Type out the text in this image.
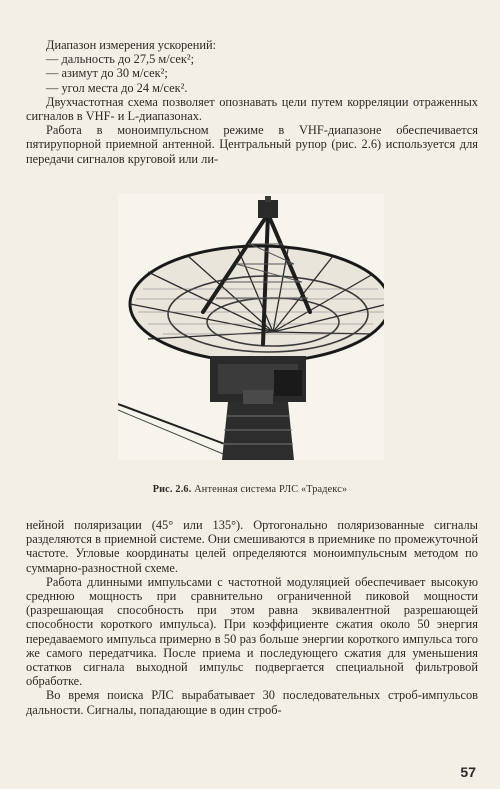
Диапазон измерения ускорений:

— дальность до 27,5 м/сек²;
— азимут до 30 м/сек²;
— угол места до 24 м/сек².

Двухчастотная схема позволяет опознавать цели путем корреляции отраженных сигналов в VHF- и L-диапазонах.

Работа в моноимпульсном режиме в VHF-диапазоне обеспечивается пятирупорной приемной антенной. Центральный рупор (рис. 2.6) используется для передачи сигналов круговой или ли-

Рис. 2.6. Антенная система РЛС «Традекс»

нейной поляризации (45° или 135°). Ортогонально поляризованные сигналы разделяются в приемной системе. Они смешиваются в приемнике по промежуточной частоте. Угловые координаты целей определяются моноимпульсным методом по суммарно-разностной схеме.

Работа длинными импульсами с частотной модуляцией обеспечивает высокую среднюю мощность при сравнительно ограниченной пиковой мощности (разрешающая способность при этом равна эквивалентной разрешающей способности короткого импульса). При коэффициенте сжатия около 50 энергия передаваемого импульса примерно в 50 раз больше энергии короткого импульса того же самого передатчика. После приема и последующего сжатия для уменьшения остатков сигнала выходной импульс подвергается специальной фильтровой обработке.

Во время поиска РЛС вырабатывает 30 последовательных строб-импульсов дальности. Сигналы, попадающие в один строб-

57
